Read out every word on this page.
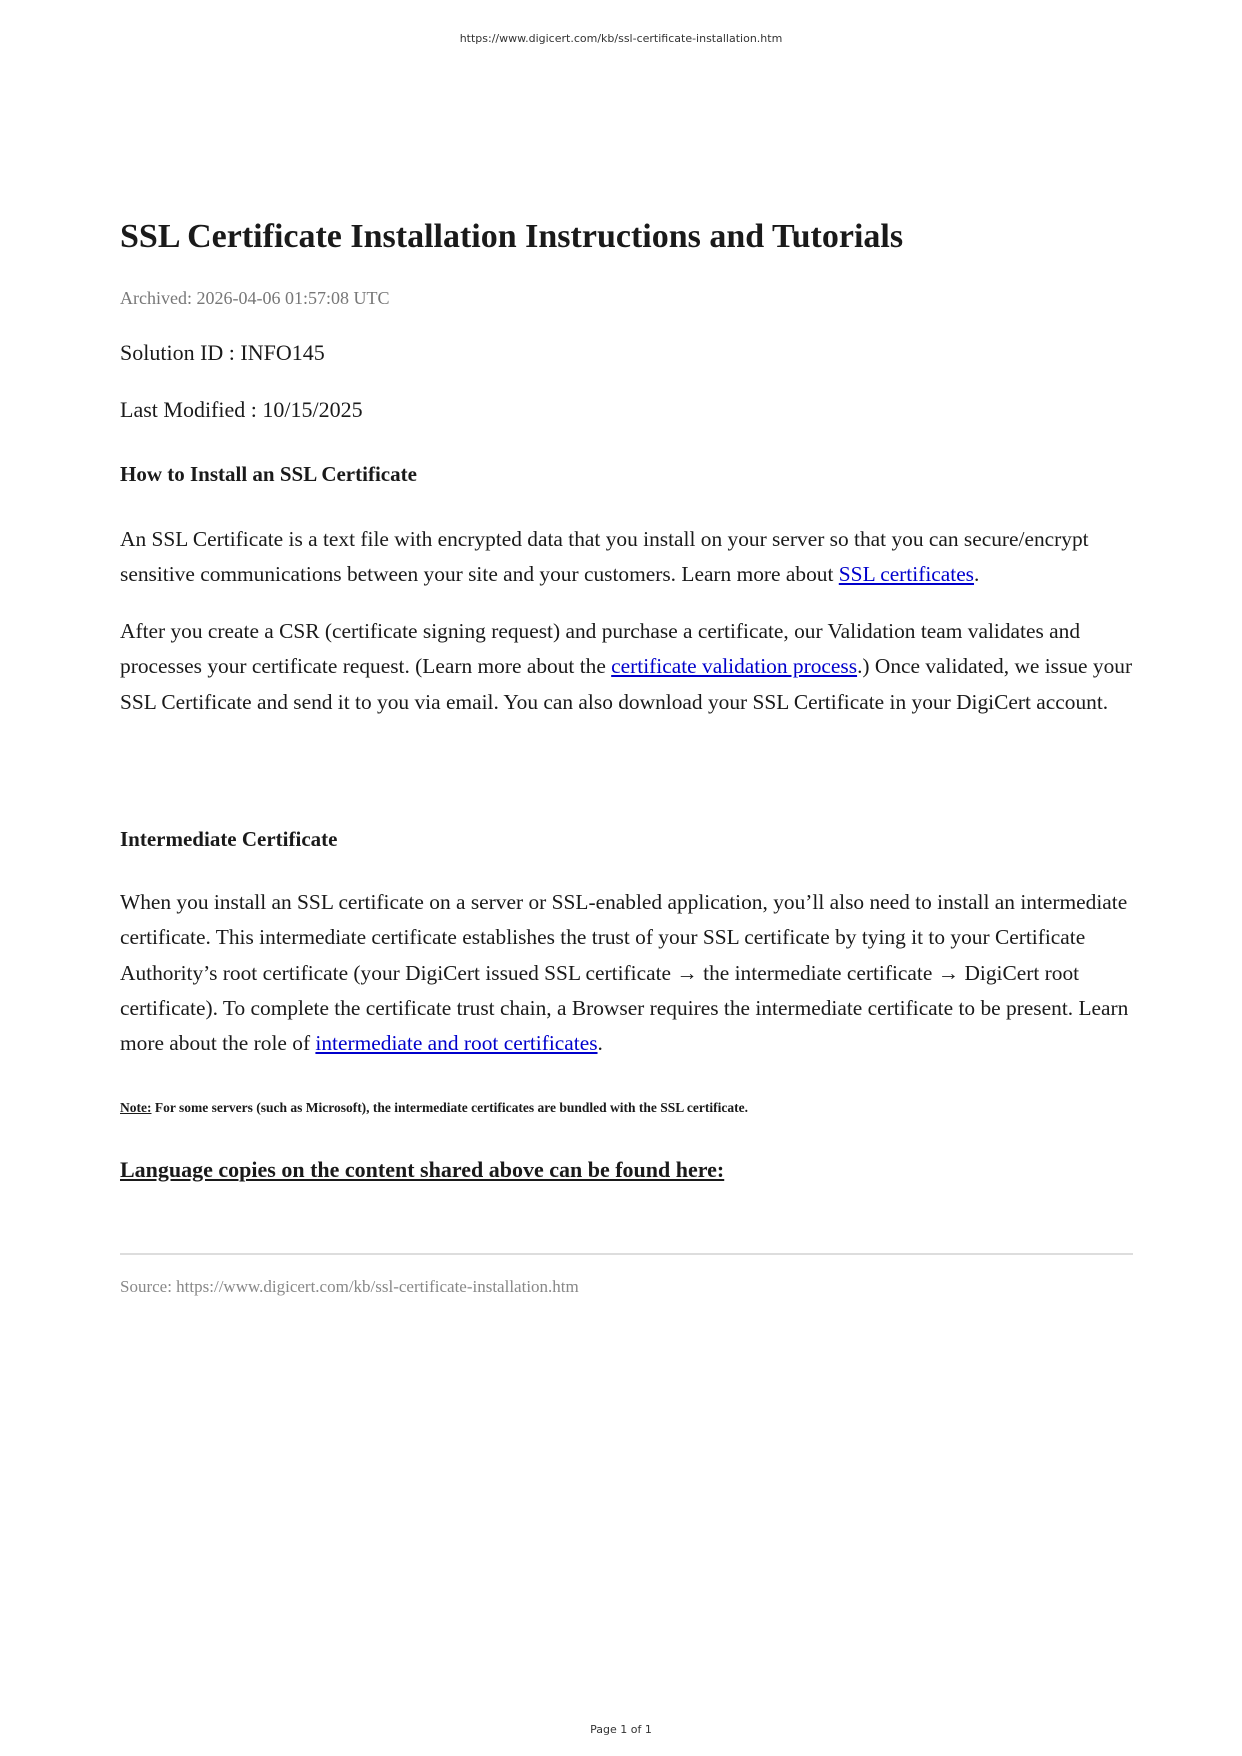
https://www.digicert.com/kb/ssl-certificate-installation.htm
SSL Certificate Installation Instructions and Tutorials
Archived: 2026-04-06 01:57:08 UTC
Solution ID : INFO145
Last Modified : 10/15/2025
How to Install an SSL Certificate

An SSL Certificate is a text file with encrypted data that you install on your server so that you can secure/encrypt sensitive communications between your site and your customers. Learn more about SSL certificates.

After you create a CSR (certificate signing request) and purchase a certificate, our Validation team validates and processes your certificate request. (Learn more about the certificate validation process.) Once validated, we issue your SSL Certificate and send it to you via email. You can also download your SSL Certificate in your DigiCert account.

Intermediate Certificate

When you install an SSL certificate on a server or SSL-enabled application, you’ll also need to install an intermediate certificate. This intermediate certificate establishes the trust of your SSL certificate by tying it to your Certificate Authority’s root certificate (your DigiCert issued SSL certificate → the intermediate certificate → DigiCert root certificate). To complete the certificate trust chain, a Browser requires the intermediate certificate to be present. Learn more about the role of intermediate and root certificates.

Note: For some servers (such as Microsoft), the intermediate certificates are bundled with the SSL certificate.
Language copies on the content shared above can be found here:
Source: https://www.digicert.com/kb/ssl-certificate-installation.htm
Page 1 of 1
